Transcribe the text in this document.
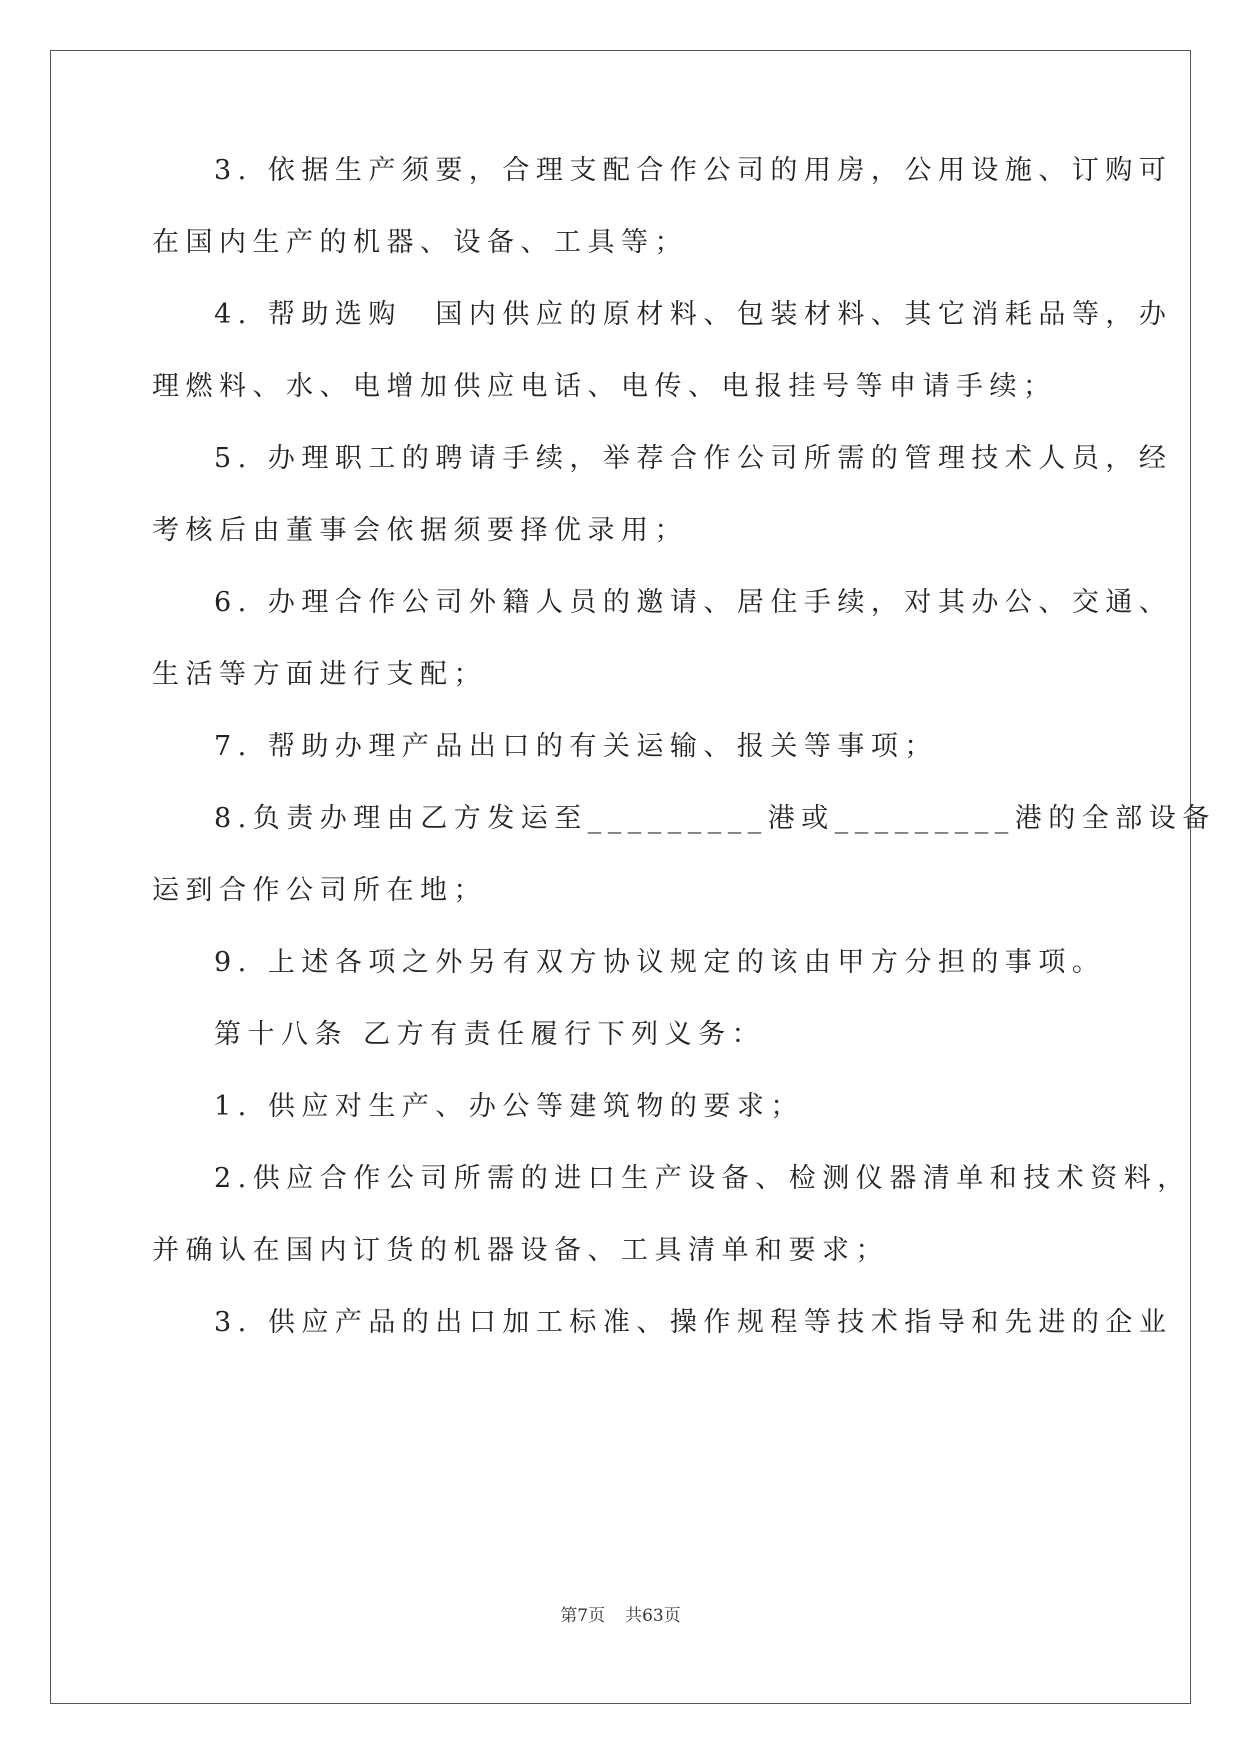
3. 依据生产须要，合理支配合作公司的用房，公用设施、订购可
在国内生产的机器、设备、工具等；
4. 帮助选购　国内供应的原材料、包装材料、其它消耗品等，办
理燃料、水、电增加供应电话、电传、电报挂号等申请手续；
5. 办理职工的聘请手续，举荐合作公司所需的管理技术人员，经
考核后由董事会依据须要择优录用；
6. 办理合作公司外籍人员的邀请、居住手续，对其办公、交通、
生活等方面进行支配；
7. 帮助办理产品出口的有关运输、报关等事项；
8.负责办理由乙方发运至_________港或_________港的全部设备
运到合作公司所在地；
9. 上述各项之外另有双方协议规定的该由甲方分担的事项。
第十八条 乙方有责任履行下列义务：
1. 供应对生产、办公等建筑物的要求；
2.供应合作公司所需的进口生产设备、检测仪器清单和技术资料，
并确认在国内订货的机器设备、工具清单和要求；
3. 供应产品的出口加工标准、操作规程等技术指导和先进的企业
第7页 共63页
